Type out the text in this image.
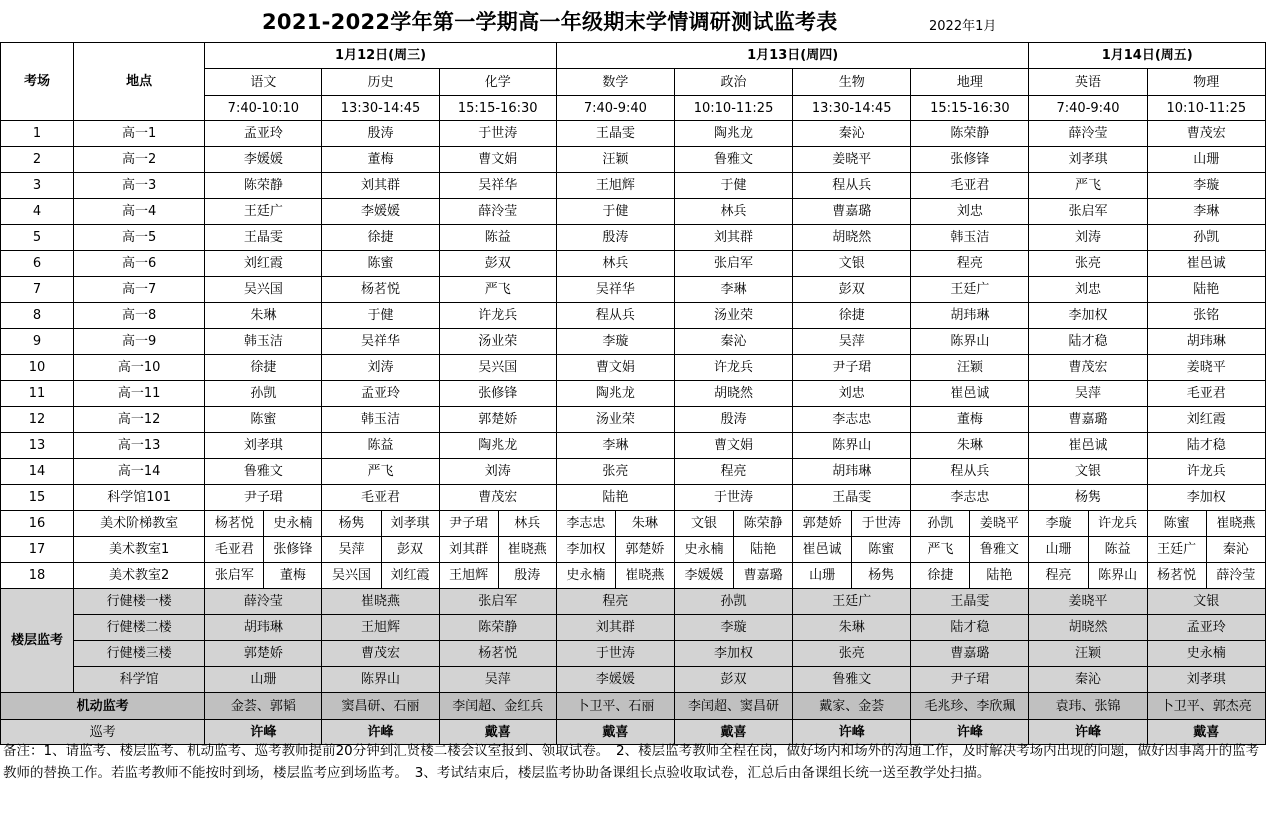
2021-2022学年第一学期高一年级期末学情调研测试监考表	2022年1月
考场	地点	1月12日(周三)						1月13日(周四)								1月14日(周五)			
		语文		历史		化学		数学		政治		生物		地理		英语		物理	
		7:40-10:10		13:30-14:45		15:15-16:30		7:40-9:40		10:10-11:25		13:30-14:45		15:15-16:30		7:40-9:40		10:10-11:25	
1	高一1	孟亚玲		殷涛		于世涛		王晶雯		陶兆龙		秦沁		陈荣静		薛泠莹		曹茂宏	
2	高一2	李媛媛		董梅		曹文娟		汪颖		鲁雅文		姜晓平		张修锋		刘孝琪		山珊	
3	高一3	陈荣静		刘其群		吴祥华		王旭辉		于健		程从兵		毛亚君		严飞		李璇	
4	高一4	王廷广		李媛媛		薛泠莹		于健		林兵		曹嘉璐		刘忠		张启军		李琳	
5	高一5	王晶雯		徐捷		陈益		殷涛		刘其群		胡晓然		韩玉洁		刘涛		孙凯	
6	高一6	刘红霞		陈蜜		彭双		林兵		张启军		文银		程亮		张亮		崔邑诚	
7	高一7	吴兴国		杨茗悦		严飞		吴祥华		李琳		彭双		王廷广		刘忠		陆艳	
8	高一8	朱琳		于健		许龙兵		程从兵		汤业荣		徐捷		胡玮琳		李加权		张铭	
9	高一9	韩玉洁		吴祥华		汤业荣		李璇		秦沁		吴萍		陈界山		陆才稳		胡玮琳	
10	高一10	徐捷		刘涛		吴兴国		曹文娟		许龙兵		尹子珺		汪颖		曹茂宏		姜晓平	
11	高一11	孙凯		孟亚玲		张修锋		陶兆龙		胡晓然		刘忠		崔邑诚		吴萍		毛亚君	
12	高一12	陈蜜		韩玉洁		郭楚娇		汤业荣		殷涛		李志忠		董梅		曹嘉璐		刘红霞	
13	高一13	刘孝琪		陈益		陶兆龙		李琳		曹文娟		陈界山		朱琳		崔邑诚		陆才稳	
14	高一14	鲁雅文		严飞		刘涛		张亮		程亮		胡玮琳		程从兵		文银		许龙兵	
15	科学馆101	尹子珺		毛亚君		曹茂宏		陆艳		于世涛		王晶雯		李志忠		杨隽		李加权	
16	美术阶梯教室	杨茗悦	史永楠	杨隽	刘孝琪	尹子珺	林兵	李志忠	朱琳	文银	陈荣静	郭楚娇	于世涛	孙凯	姜晓平	李璇	许龙兵	陈蜜	崔晓燕
17	美术教室1	毛亚君	张修锋	吴萍	彭双	刘其群	崔晓燕	李加权	郭楚娇	史永楠	陆艳	崔邑诚	陈蜜	严飞	鲁雅文	山珊	陈益	王廷广	秦沁
18	美术教室2	张启军	董梅	吴兴国	刘红霞	王旭辉	殷涛	史永楠	崔晓燕	李媛媛	曹嘉璐	山珊	杨隽	徐捷	陆艳	程亮	陈界山	杨茗悦	薛泠莹
楼层监考	行健楼一楼	薛泠莹		崔晓燕		张启军		程亮		孙凯		王廷广		王晶雯		姜晓平		文银	
	行健楼二楼	胡玮琳		王旭辉		陈荣静		刘其群		李璇		朱琳		陆才稳		胡晓然		孟亚玲	
	行健楼三楼	郭楚娇		曹茂宏		杨茗悦		于世涛		李加权		张亮		曹嘉璐		汪颖		史永楠	
	科学馆	山珊		陈界山		吴萍		李媛媛		彭双		鲁雅文		尹子珺		秦沁		刘孝琪	
机动监考		金荟、郭韬		窦昌研、石丽		李闰超、金红兵		卜卫平、石丽		李闰超、窦昌研		戴家、金荟		毛兆珍、李欣珮		袁玮、张锦		卜卫平、郭杰亮	
巡考		许峰		许峰		戴喜		戴喜		戴喜		许峰		许峰		许峰		戴喜	
备注：1、请监考、楼层监考、机动监考、巡考教师提前20分钟到汇贤楼二楼会议室报到、领取试卷。　2、楼层监考教师全程在岗，做好场内和场外的沟通工作，及时解决考场内出现的问题，做好因事离开的监考教师的替换工作。若监考教师不能按时到场，楼层监考应到场监考。　3、考试结束后，楼层监考协助备课组长点验收取试卷，汇总后由备课组长统一送至教学处扫描。
